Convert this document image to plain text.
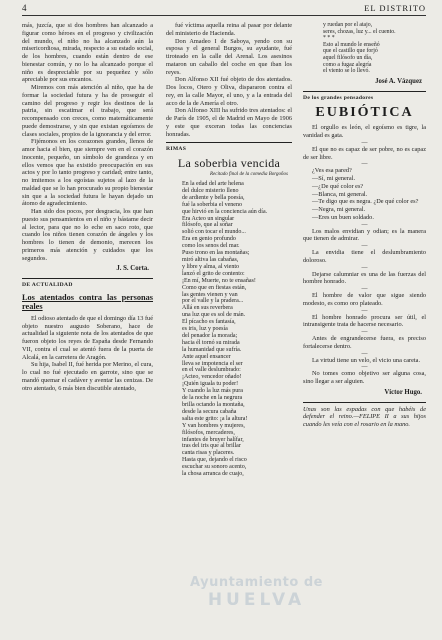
4	EL DISTRITO

más, juzcía, que si dos hombres han alcanzado a figurar como héroes en el progreso y civilización del mundo, el niño no ha alcanzado aún la misericordiosa, mirada, respecto a su estado social, de los hombres, cuando están dentro de ese bienestar común, y no lo ha alcanzado porque el niño es despreciable por su pequeñez y sólo apreciable por sus encantos.

Miremos con más atención al niño, que ha de formar la sociedad futura y ha de proseguir el camino del progreso y regir los destinos de la patria, sin escatimar el trabajo, que será recompensado con creces, como matemáticamente puede demostrarse, y sin que existan egoísmos de clases sociales, propios de la ignorancia y del error.

Fijémonos en los corazones grandes, llenos de amor hacia el bien, que siempre ven en el corazón inocente, pequeño, un símbolo de grandeza y en ellos vemos que ha existido preocupación en sus actos y por lo tanto progreso y caridad; entre tanto, no imitemos a los egoístas sujetos al lazo de la maldad que se lo han procurado su propio bienestar sin que a la sociedad futura le hayan dejado un átomo de agradecimiento.

Han sido dos pocos, por desgracia, los que han puesto sus pensamientos en el niño y bástame decir al lector, para que no lo eche en saco roto, que cuando los niños tienen corazón de ángeles y los hombres lo tienen de demonio, merecen los primeros más atención y cuidados que los segundos.

J. S. Corta.
DE ACTUALIDAD
Los atentados contra las personas reales

El odioso atentado de que el domingo día 13 fué objeto nuestro augusto Soberano, hace de actualidad la siguiente nota de los atentados de que fueron objeto los reyes de España desde Fernando VII, contra el cual se atentó fuera de la puerta de Alcalá, en la carretera de Aragón.

Su hija, Isabel II, fué herida por Merino, el cura, lo cual no fué ejecutado en garrote, sino que se mandó quemar el cadáver y aventar las cenizas. De otro atentado, 6 más bien discutible atentado,

fué víctima aquella reina al pasar por delante del ministerio de Hacienda.

Don Amadeo I de Saboya, yendo con su esposa y el general Burgos, su ayudante, fué tiroteado en la calle del Arenal. Los asesinos mataron un caballo del coche en que iban los reyes.

Don Alfonso XII fué objeto de dos atentados. Dos locos, Otero y Oliva, dispararon contra el rey, en la calle Mayor, el uno, y a la entrada del acco de la de Amería el otro.

Don Alfonso XIII ha sufrido tres atentados: el de París de 1905, el de Madrid en Mayo de 1906 y este que exceran todas las conciencias honradas.

RIMAS
La soberbia vencida
Recitado final de la comedia Borgoños
En la edad del arte helena
del dulce misterio lleno
de ardiente y bella poesía,
fué la soberbia el veneno
que hirvió en la conciencia aún día.
Era Acteo un singular
filósofo, que al soñar
solió con tocar el mundo...
Era en genio profundo
como los senos del mar.
Puso trono en las montañas;
miró altiva las cabañas,
y libre y alma, al viento
lanzó el grito de contento:
¡En mí, Muerte, no te ensañas!
Como que en fiestas están,
las gentes vienen y van
por el valle y la pradera...
Allá en sus reverbera
una luz que es sol de mán.
El pícacho es fantasía,
es iris, luz y poesía
del penador la morada;
hacia él tornó su mirada
la humanidad que sufría.
Ante aquel ensancer
lleva se impotencia el ser
en el valle deslumbrado:
¡Acteo, vencedor oñado!
¡Quién iguala tu poder!
Y cuando la luz más pura
de la noche en la negrura
brilla octando la montaña,
desde la secura cabaña
salta este grito: ¡a la altura!
Y van hombres y mujeres,
filósofos, mercaderes,
infantes de bruyer halífar,
tras del iris que al brillar
canta risas y placeres.
Hasta que, dejando el risco
escuchar su sonoro acento,
la chosa arranca de cuajo,
y ruedan por el atajo,
seres, chozas, luz y... el cuento.
* * *
Esto al mundo le enseñó
que el castillo que forjó
aquel filósofo un día,
como a fugaz alegría
el viento se lo llevó.
José A. Vázquez
De los grandes pensadores
EUBIÓTICA

El orgullo es león, el egoísmo es tigre, la vanidad es gata.

—

El que no es capaz de ser pobre, no es capaz de ser libre.

—
¿Ves esa pared?
—Sí, mi general.
—¿De qué color es?
—Blanca, mi general.
—Te digo que es negra. ¿De qué color es?
—Negra, mi general.
—Eres un buen soldado.
—

Los malos envidian y odian; es la manera que tienen de admirar.

—

La envidia tiene el deslumbramiento doloroso.

—

Dejarse calumniar es una de las fuerzas del hombre honrado.

—

El hombre de valor que sigue siendo modesto, es como oro plateado.

—

El hombre honrado procura ser útil, el intransigente trata de hacerse necesario.

—

Antes de engrandecerse fuera, es preciso fortalecerse dentro.

—

La virtud tiene un velo, el vicio una careta.

—

No tomes como objetivo ser alguna cosa, sino llegar a ser alguien.

Víctor Hugo.

Unas son las espadas con que habéis de defender el reino.—FELIPE II a sus hijos cuando les veía con el rosario en la mano.

Ayuntamiento de
HUELVA
